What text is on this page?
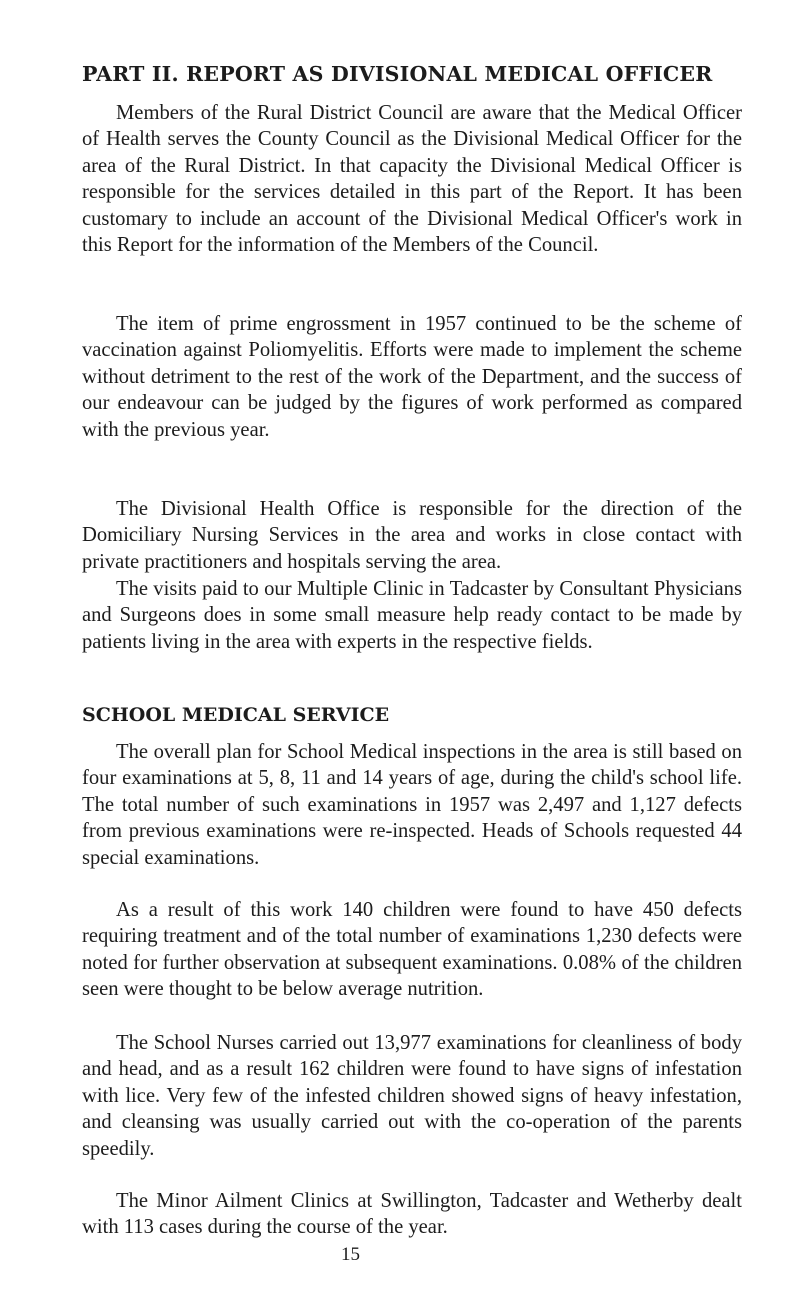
PART II. REPORT AS DIVISIONAL MEDICAL OFFICER

Members of the Rural District Council are aware that the Medical Officer of Health serves the County Council as the Divisional Medical Officer for the area of the Rural District. In that capacity the Divisional Medical Officer is responsible for the services detailed in this part of the Report. It has been customary to include an account of the Divisional Medical Officer's work in this Report for the information of the Members of the Council.

The item of prime engrossment in 1957 continued to be the scheme of vaccination against Poliomyelitis. Efforts were made to implement the scheme without detriment to the rest of the work of the Department, and the success of our endeavour can be judged by the figures of work performed as compared with the previous year.

The Divisional Health Office is responsible for the direction of the Domiciliary Nursing Services in the area and works in close contact with private practitioners and hospitals serving the area.

The visits paid to our Multiple Clinic in Tadcaster by Consultant Physicians and Surgeons does in some small measure help ready contact to be made by patients living in the area with experts in the respective fields.

SCHOOL MEDICAL SERVICE

The overall plan for School Medical inspections in the area is still based on four examinations at 5, 8, 11 and 14 years of age, during the child's school life. The total number of such examinations in 1957 was 2,497 and 1,127 defects from previous examinations were re-inspected. Heads of Schools requested 44 special examinations.

As a result of this work 140 children were found to have 450 defects requiring treatment and of the total number of examinations 1,230 defects were noted for further observation at subsequent examinations. 0.08% of the children seen were thought to be below average nutrition.

The School Nurses carried out 13,977 examinations for cleanliness of body and head, and as a result 162 children were found to have signs of infestation with lice. Very few of the infested children showed signs of heavy infestation, and cleansing was usually carried out with the co-operation of the parents speedily.

The Minor Ailment Clinics at Swillington, Tadcaster and Wetherby dealt with 113 cases during the course of the year.

15
